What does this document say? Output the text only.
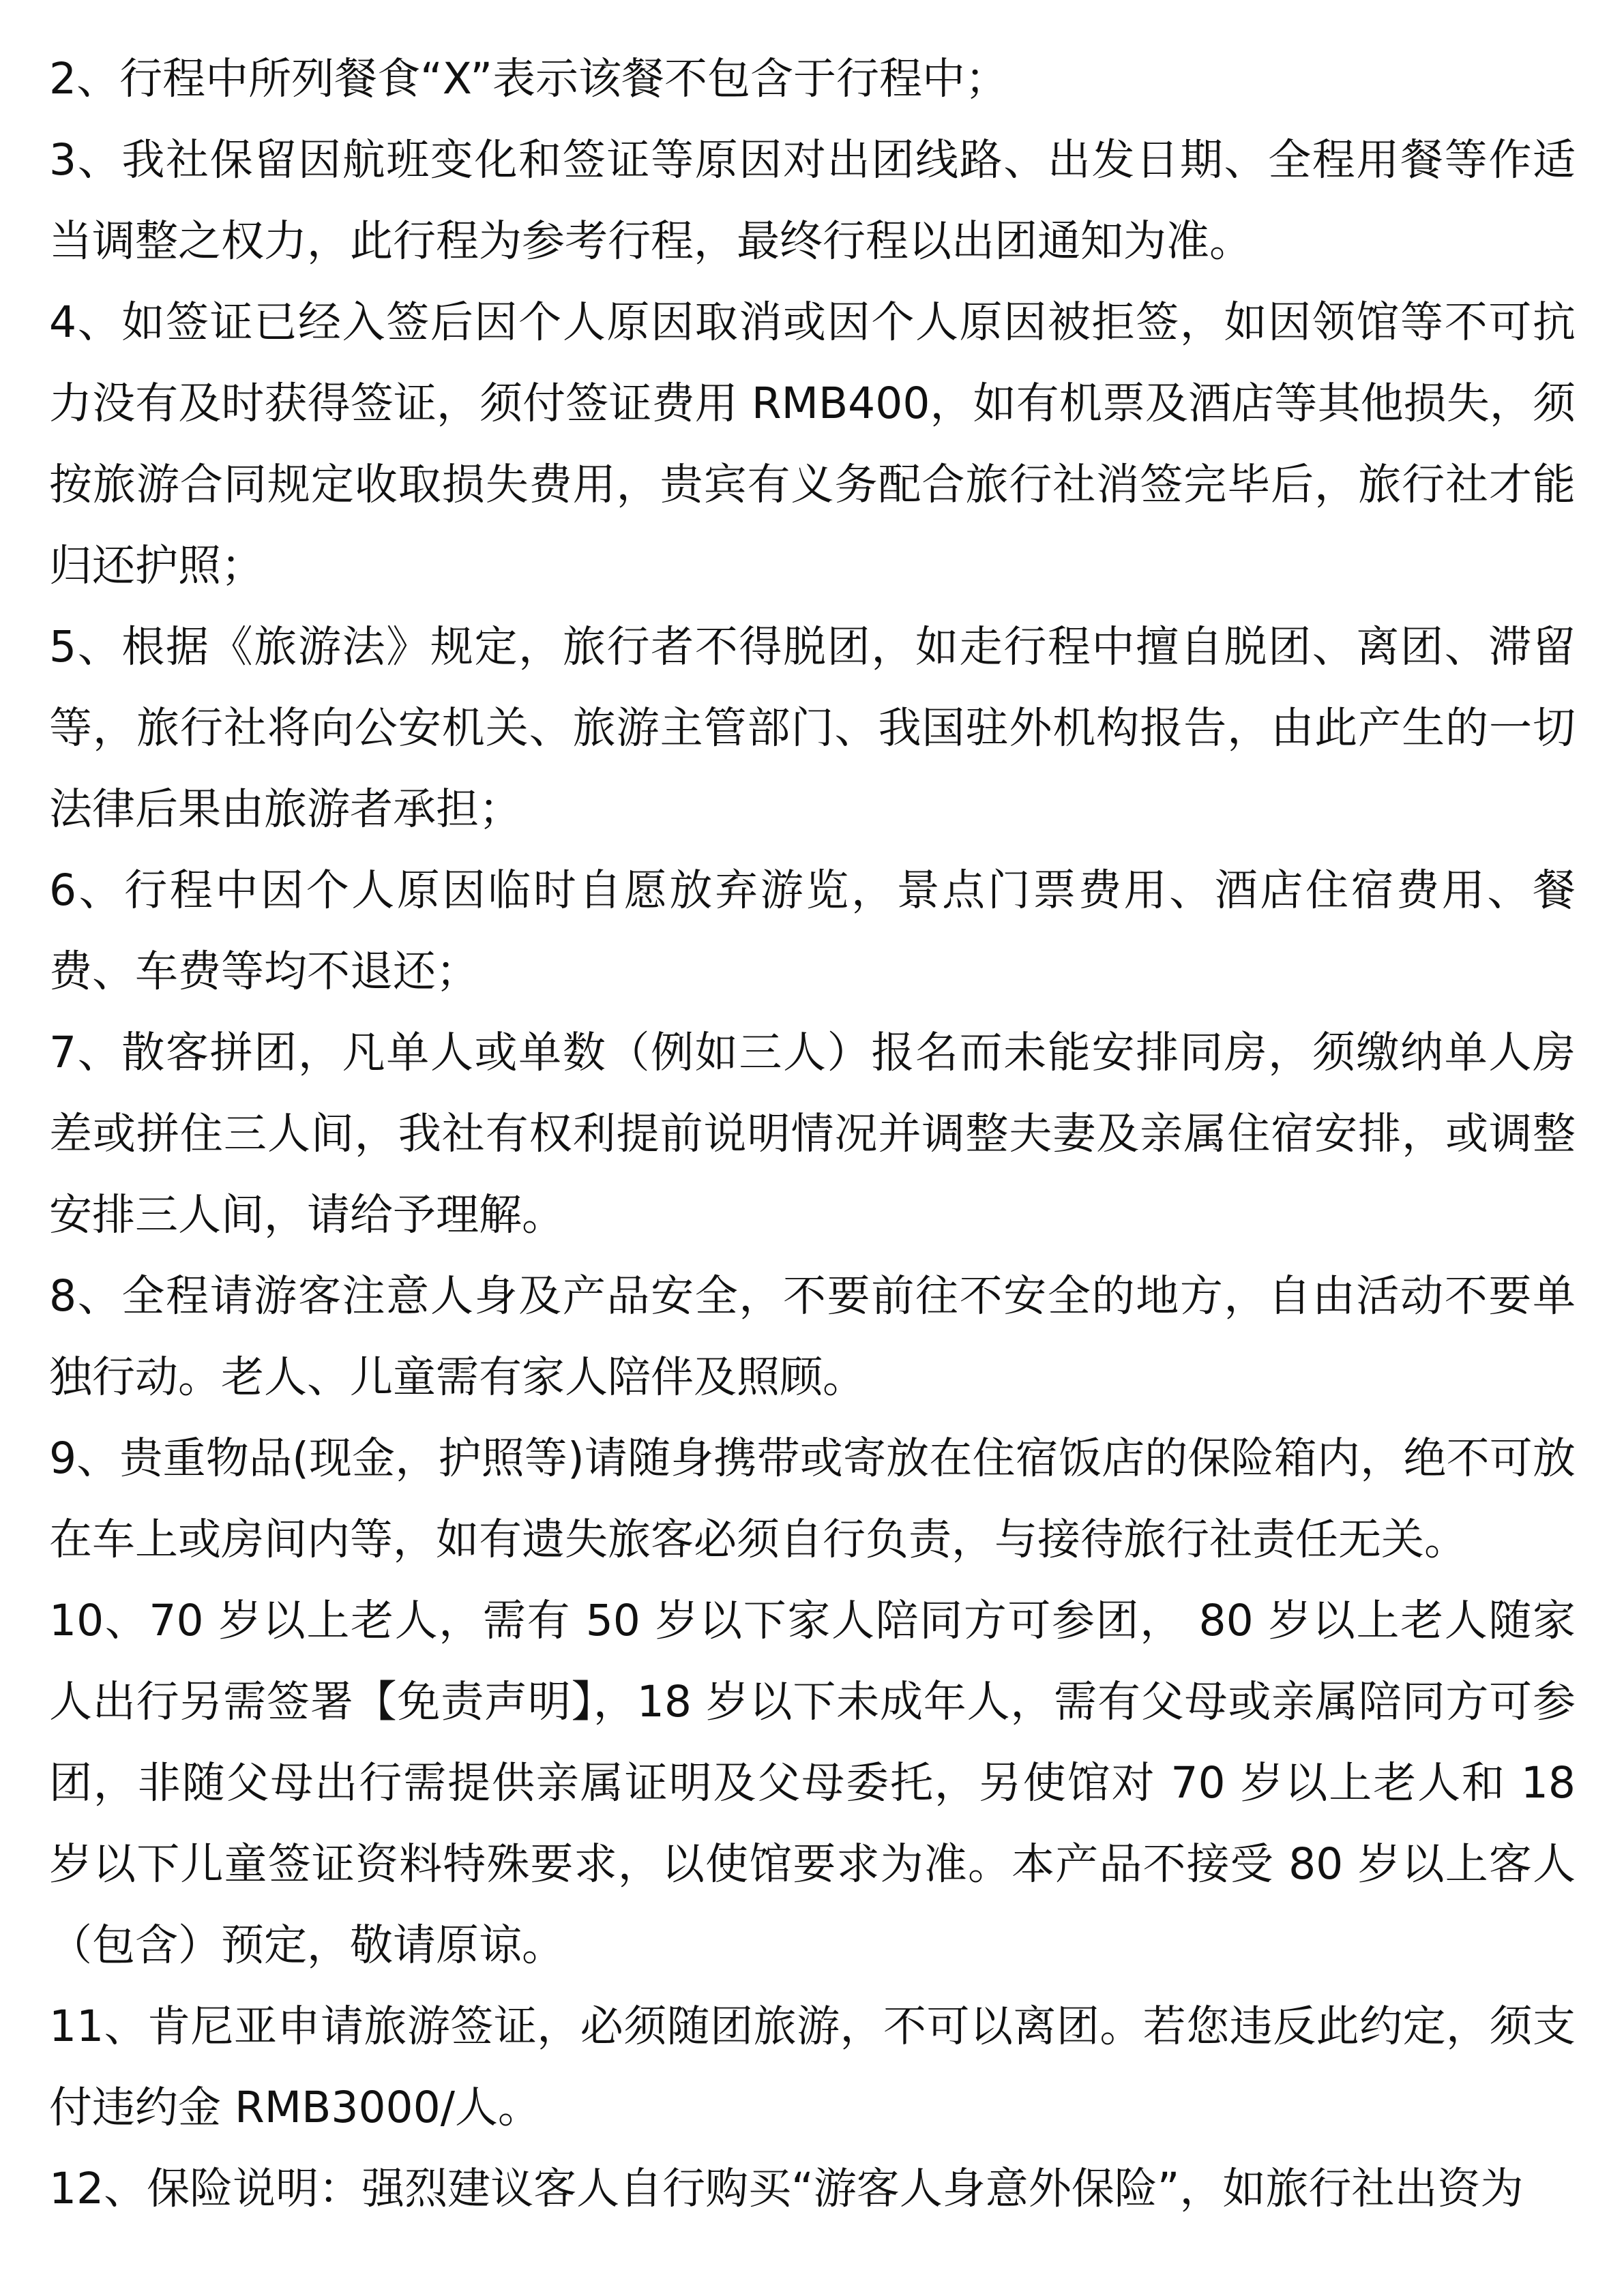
2、行程中所列餐食“X”表示该餐不包含于行程中；

3、我社保留因航班变化和签证等原因对出团线路、出发日期、全程用餐等作适当调整之权力，此行程为参考行程，最终行程以出团通知为准。

4、如签证已经入签后因个人原因取消或因个人原因被拒签，如因领馆等不可抗力没有及时获得签证，须付签证费用 RMB400，如有机票及酒店等其他损失，须按旅游合同规定收取损失费用，贵宾有义务配合旅行社消签完毕后，旅行社才能归还护照；

5、根据《旅游法》规定，旅行者不得脱团，如走行程中擅自脱团、离团、滞留等，旅行社将向公安机关、旅游主管部门、我国驻外机构报告，由此产生的一切法律后果由旅游者承担；

6、行程中因个人原因临时自愿放弃游览，景点门票费用、酒店住宿费用、餐费、车费等均不退还；

7、散客拼团，凡单人或单数（例如三人）报名而未能安排同房，须缴纳单人房差或拼住三人间，我社有权利提前说明情况并调整夫妻及亲属住宿安排，或调整安排三人间，请给予理解。

8、全程请游客注意人身及产品安全，不要前往不安全的地方，自由活动不要单独行动。老人、儿童需有家人陪伴及照顾。

9、贵重物品(现金，护照等)请随身携带或寄放在住宿饭店的保险箱内，绝不可放在车上或房间内等，如有遗失旅客必须自行负责，与接待旅行社责任无关。

10、70 岁以上老人，需有 50 岁以下家人陪同方可参团， 80 岁以上老人随家人出行另需签署【免责声明】，18 岁以下未成年人，需有父母或亲属陪同方可参团，非随父母出行需提供亲属证明及父母委托，另使馆对 70 岁以上老人和 18 岁以下儿童签证资料特殊要求，以使馆要求为准。本产品不接受 80 岁以上客人（包含）预定，敬请原谅。

11、肯尼亚申请旅游签证，必须随团旅游，不可以离团。若您违反此约定，须支付违约金 RMB3000/人。

12、保险说明：强烈建议客人自行购买“游客人身意外保险”，如旅行社出资为
